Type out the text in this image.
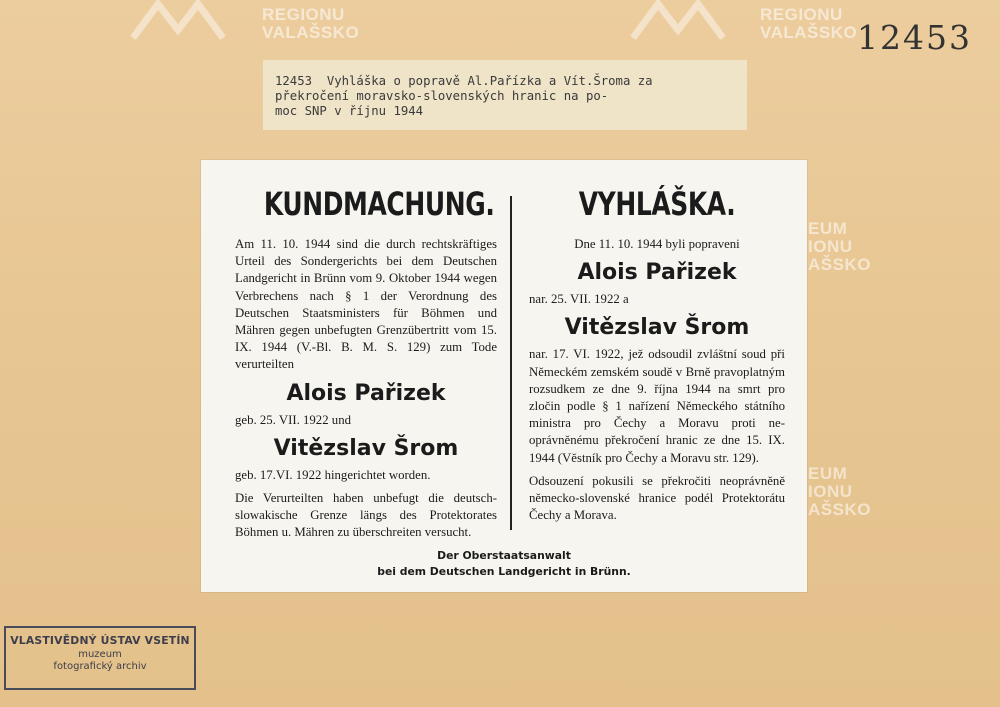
REGIONU
VALAŠSKO
REGIONU
VALAŠSKO
EUM
IONU
AŠSKO
EUM
IONU
AŠSKO
12453
12453  Vyhláška o popravě Al.Pařízka a Vít.Šroma za
překročení moravsko-slovenských hranic na po-
moc SNP v říjnu 1944
KUNDMACHUNG.

Am 11. 10. 1944 sind die durch rechtskräftiges Urteil des Sondergerichts bei dem Deutschen Landgericht in Brünn vom 9. Oktober 1944 wegen Verbrechens nach § 1 der Verordnung des Deutschen Staatsministers für Böhmen und Mähren gegen unbefugten Grenzübertritt vom 15. IX. 1944 (V.-Bl. B. M. S. 129) zum Tode verurteilten

Alois Pařizek

geb. 25. VII. 1922 und

Vitězslav Šrom

geb. 17.VI. 1922 hingerichtet worden.

Die Verurteilten haben unbefugt die deutschslowakische Grenze längs des Protektorates Böhmen u. Mähren zu überschreiten versucht.

VYHLÁŠKA.

Dne 11. 10. 1944 byli popraveni

Alois Pařizek

nar. 25. VII. 1922 a

Vitězslav Šrom

nar. 17. VI. 1922, jež odsoudil zvláštní soud při Německém zemském soudě v Brně pravoplatným rozsudkem ze dne 9. října 1944 na smrt pro zločin podle § 1 nařízení Německého státního ministra pro Čechy a Moravu proti neoprávněnému překročení hranic ze dne 15. IX. 1944 (Věstník pro Čechy a Moravu str. 129).

Odsouzení pokusili se překročiti neoprávněně německo-slovenské hranice podél Protektorátu Čechy a Morava.

Der Oberstaatsanwalt
bei dem Deutschen Landgericht in Brünn.
VLASTIVĚDNÝ ÚSTAV VSETÍN
muzeum
fotografický archiv
